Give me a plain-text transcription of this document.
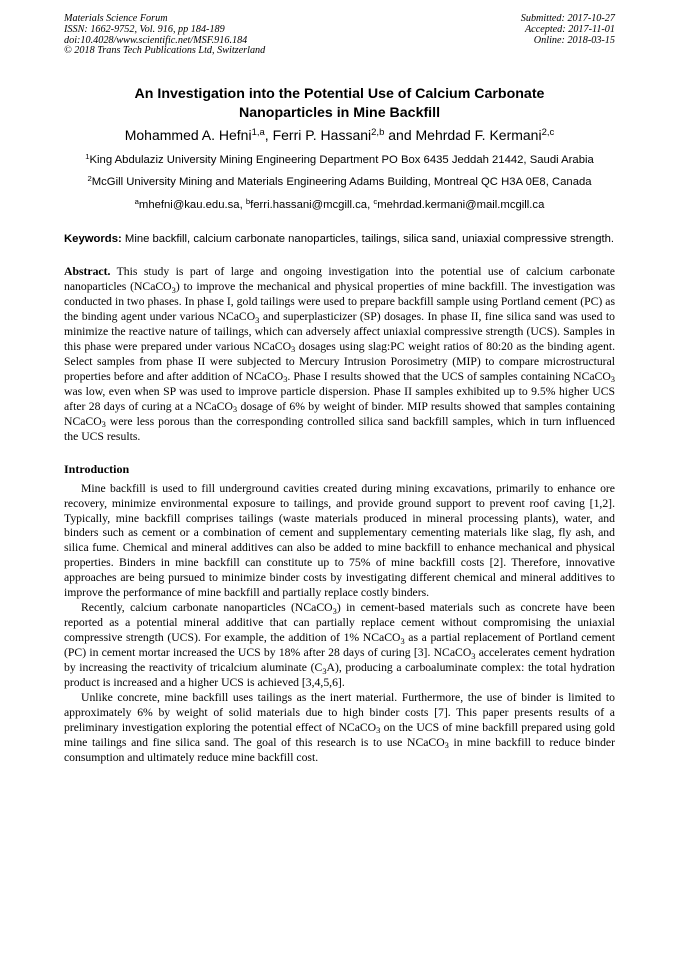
Materials Science Forum
ISSN: 1662-9752, Vol. 916, pp 184-189
doi:10.4028/www.scientific.net/MSF.916.184
© 2018 Trans Tech Publications Ltd, Switzerland
Submitted: 2017-10-27
Accepted: 2017-11-01
Online: 2018-03-15
An Investigation into the Potential Use of Calcium Carbonate
Nanoparticles in Mine Backfill
Mohammed A. Hefni$^{1,a}$, Ferri P. Hassani$^{2,b}$ and Mehrdad F. Kermani$^{2,c}$
$^1$King Abdulaziz University Mining Engineering Department PO Box 6435 Jeddah 21442, Saudi Arabia
$^2$McGill University Mining and Materials Engineering Adams Building, Montreal QC H3A 0E8, Canada
$^a$mhefni@kau.edu.sa, $^b$ferri.hassani@mcgill.ca, $^c$mehrdad.kermani@mail.mcgill.ca
Keywords: Mine backfill, calcium carbonate nanoparticles, tailings, silica sand, uniaxial compressive strength.
Abstract. This study is part of large and ongoing investigation into the potential use of calcium carbonate nanoparticles (NCaCO$_3$) to improve the mechanical and physical properties of mine backfill. The investigation was conducted in two phases. In phase I, gold tailings were used to prepare backfill sample using Portland cement (PC) as the binding agent under various NCaCO$_3$ and superplasticizer (SP) dosages. In phase II, fine silica sand was used to minimize the reactive nature of tailings, which can adversely affect uniaxial compressive strength (UCS). Samples in this phase were prepared under various NCaCO$_3$ dosages using slag:PC weight ratios of 80:20 as the binding agent. Select samples from phase II were subjected to Mercury Intrusion Porosimetry (MIP) to compare microstructural properties before and after addition of NCaCO$_3$. Phase I results showed that the UCS of samples containing NCaCO$_3$ was low, even when SP was used to improve particle dispersion. Phase II samples exhibited up to 9.5% higher UCS after 28 days of curing at a NCaCO$_3$ dosage of 6% by weight of binder. MIP results showed that samples containing NCaCO$_3$ were less porous than the corresponding controlled silica sand backfill samples, which in turn influenced the UCS results.
Introduction

Mine backfill is used to fill underground cavities created during mining excavations, primarily to enhance ore recovery, minimize environmental exposure to tailings, and provide ground support to prevent roof caving [1,2]. Typically, mine backfill comprises tailings (waste materials produced in mineral processing plants), water, and binders such as cement or a combination of cement and supplementary cementing materials like slag, fly ash, and silica fume. Chemical and mineral additives can also be added to mine backfill to enhance mechanical and physical properties. Binders in mine backfill can constitute up to 75% of mine backfill costs [2]. Therefore, innovative approaches are being pursued to minimize binder costs by investigating different chemical and mineral additives to improve the performance of mine backfill and partially replace costly binders.

Recently, calcium carbonate nanoparticles (NCaCO$_3$) in cement-based materials such as concrete have been reported as a potential mineral additive that can partially replace cement without compromising the uniaxial compressive strength (UCS). For example, the addition of 1% NCaCO$_3$ as a partial replacement of Portland cement (PC) in cement mortar increased the UCS by 18% after 28 days of curing [3]. NCaCO$_3$ accelerates cement hydration by increasing the reactivity of tricalcium aluminate $(C_3A)$, producing a carboaluminate complex: the total hydration product is increased and a higher UCS is achieved [3,4,5,6].

Unlike concrete, mine backfill uses tailings as the inert material. Furthermore, the use of binder is limited to approximately 6% by weight of solid materials due to high binder costs [7]. This paper presents results of a preliminary investigation exploring the potential effect of NCaCO$_3$ on the UCS of mine backfill prepared using gold mine tailings and fine silica sand. The goal of this research is to use NCaCO$_3$ in mine backfill to reduce binder consumption and ultimately reduce mine backfill cost.
